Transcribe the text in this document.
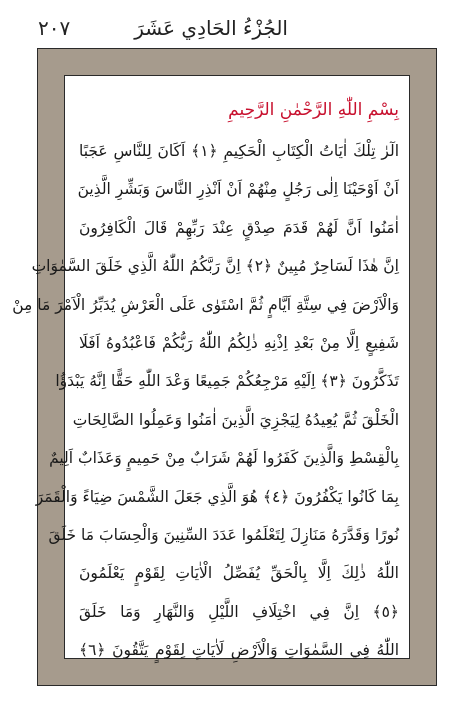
الجُزْءُ الحَادِي عَشَرَ
٢٠٧
بِسْمِ اللّٰهِ الرَّحْمٰنِ الرَّحِيمِ
الٓرٰ تِلْكَ اٰيَاتُ الْكِتَابِ الْحَكِيمِ ﴿١﴾ اَكَانَ لِلنَّاسِ عَجَبًا
اَنْ اَوْحَيْنَا اِلٰى رَجُلٍ مِنْهُمْ اَنْ اَنْذِرِ النَّاسَ وَبَشِّرِ الَّذِينَ
اٰمَنُوا اَنَّ لَهُمْ قَدَمَ صِدْقٍ عِنْدَ رَبِّهِمْ قَالَ الْكَافِرُونَ
اِنَّ هٰذَا لَسَاحِرٌ مُبِينٌ ﴿٢﴾ اِنَّ رَبَّكُمُ اللّٰهُ الَّذِي خَلَقَ السَّمٰوَاتِ
وَالْاَرْضَ فِي سِتَّةِ اَيَّامٍ ثُمَّ اسْتَوٰى عَلَى الْعَرْشِ يُدَبِّرُ الْاَمْرَ مَا مِنْ
شَفِيعٍ اِلَّا مِنْ بَعْدِ اِذْنِهِ ذٰلِكُمُ اللّٰهُ رَبُّكُمْ فَاعْبُدُوهُ اَفَلَا
تَذَكَّرُونَ ﴿٣﴾ اِلَيْهِ مَرْجِعُكُمْ جَمِيعًا وَعْدَ اللّٰهِ حَقًّا اِنَّهُ يَبْدَؤُا
الْخَلْقَ ثُمَّ يُعِيدُهُ لِيَجْزِيَ الَّذِينَ اٰمَنُوا وَعَمِلُوا الصَّالِحَاتِ
بِالْقِسْطِ وَالَّذِينَ كَفَرُوا لَهُمْ شَرَابٌ مِنْ حَمِيمٍ وَعَذَابٌ اَلِيمٌ
بِمَا كَانُوا يَكْفُرُونَ ﴿٤﴾ هُوَ الَّذِي جَعَلَ الشَّمْسَ ضِيَاءً وَالْقَمَرَ
نُورًا وَقَدَّرَهُ مَنَازِلَ لِتَعْلَمُوا عَدَدَ السِّنِينَ وَالْحِسَابَ مَا خَلَقَ
اللّٰهُ ذٰلِكَ اِلَّا بِالْحَقِّ يُفَصِّلُ الْاٰيَاتِ لِقَوْمٍ يَعْلَمُونَ
﴿٥﴾ اِنَّ فِي اخْتِلَافِ اللَّيْلِ وَالنَّهَارِ وَمَا خَلَقَ
اللّٰهُ فِي السَّمٰوَاتِ وَالْاَرْضِ لَاٰيَاتٍ لِقَوْمٍ يَتَّقُونَ ﴿٦﴾
